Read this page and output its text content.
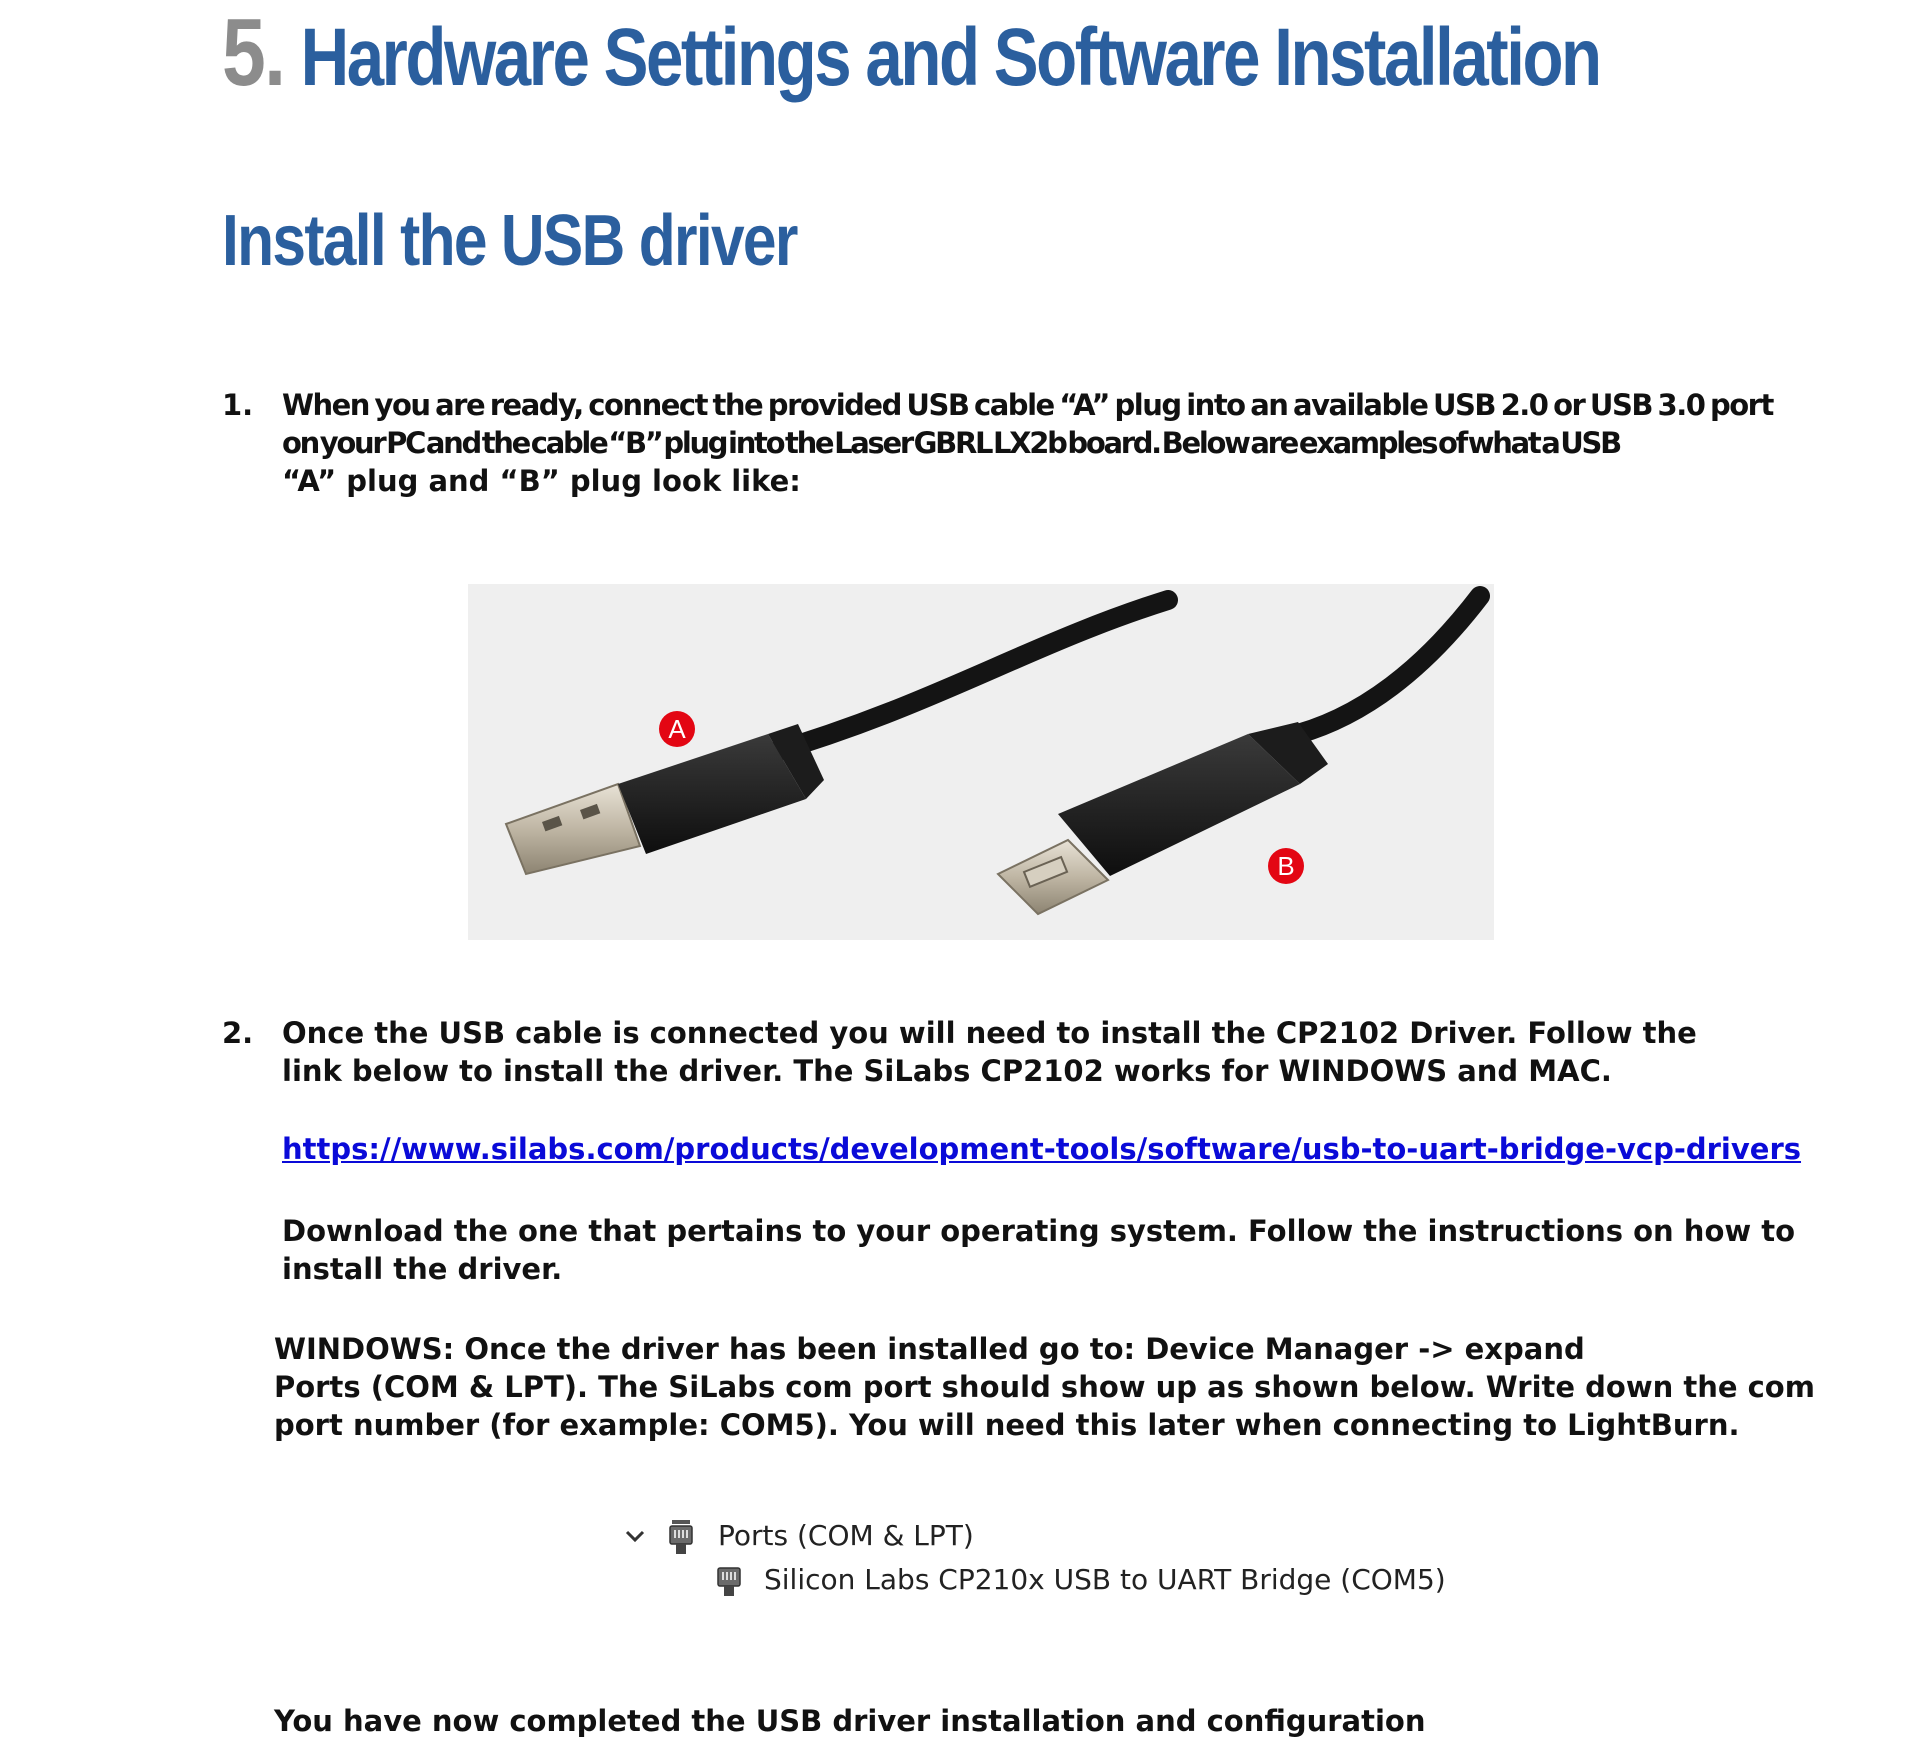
5. Hardware Settings and Software Installation
Install the USB driver
1. When you are ready, connect the provided USB cable “A” plug into an available USB 2.0 or USB 3.0 port
on your PC and the cable “B” plug into the Laser GBRL LX2b board. Below are examples of what a USB
“A” plug and “B” plug look like:
A
B
2. Once the USB cable is connected you will need to install the CP2102 Driver. Follow the
link below to install the driver. The SiLabs CP2102 works for WINDOWS and MAC.
https://www.silabs.com/products/development-tools/software/usb-to-uart-bridge-vcp-drivers
Download the one that pertains to your operating system. Follow the instructions on how to
install the driver.
WINDOWS: Once the driver has been installed go to: Device Manager -> expand
Ports (COM & LPT). The SiLabs com port should show up as shown below. Write down the com
port number (for example: COM5). You will need this later when connecting to LightBurn.
Ports (COM & LPT)
Silicon Labs CP210x USB to UART Bridge (COM5)
You have now completed the USB driver installation and configuration
